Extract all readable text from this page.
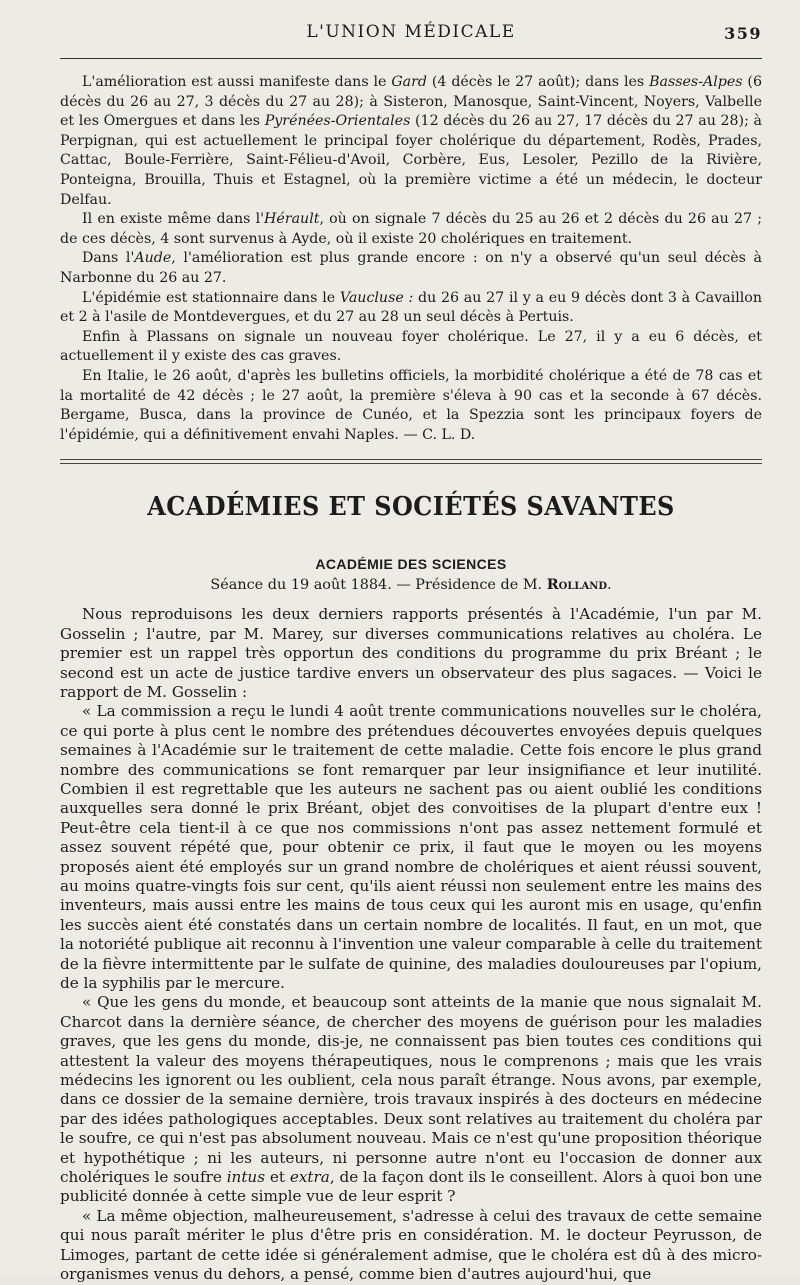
L'UNION MÉDICALE	359

L'amélioration est aussi manifeste dans le Gard (4 décès le 27 août); dans les Basses-Alpes (6 décès du 26 au 27, 3 décès du 27 au 28); à Sisteron, Manosque, Saint-Vincent, Noyers, Valbelle et les Omergues et dans les Pyrénées-Orientales (12 décès du 26 au 27, 17 décès du 27 au 28); à Perpignan, qui est actuellement le principal foyer cholérique du département, Rodès, Prades, Cattac, Boule-Ferrière, Saint-Félieu-d'Avoil, Corbère, Eus, Lesoler, Pezillo de la Rivière, Ponteigna, Brouilla, Thuis et Estagnel, où la première victime a été un médecin, le docteur Delfau.

Il en existe même dans l'Hérault, où on signale 7 décès du 25 au 26 et 2 décès du 26 au 27 ; de ces décès, 4 sont survenus à Ayde, où il existe 20 cholériques en traitement.

Dans l'Aude, l'amélioration est plus grande encore : on n'y a observé qu'un seul décès à Narbonne du 26 au 27.

L'épidémie est stationnaire dans le Vaucluse : du 26 au 27 il y a eu 9 décès dont 3 à Cavaillon et 2 à l'asile de Montdevergues, et du 27 au 28 un seul décès à Pertuis.

Enfin à Plassans on signale un nouveau foyer cholérique. Le 27, il y a eu 6 décès, et actuellement il y existe des cas graves.

En Italie, le 26 août, d'après les bulletins officiels, la morbidité cholérique a été de 78 cas et la mortalité de 42 décès ; le 27 août, la première s'éleva à 90 cas et la seconde à 67 décès. Bergame, Busca, dans la province de Cunéo, et la Spezzia sont les principaux foyers de l'épidémie, qui a définitivement envahi Naples. — C. L. D.

ACADÉMIES ET SOCIÉTÉS SAVANTES
ACADÉMIE DES SCIENCES
Séance du 19 août 1884. — Présidence de M. Rolland.

Nous reproduisons les deux derniers rapports présentés à l'Académie, l'un par M. Gosselin ; l'autre, par M. Marey, sur diverses communications relatives au choléra. Le premier est un rappel très opportun des conditions du programme du prix Bréant ; le second est un acte de justice tardive envers un observateur des plus sagaces. — Voici le rapport de M. Gosselin :

« La commission a reçu le lundi 4 août trente communications nouvelles sur le choléra, ce qui porte à plus cent le nombre des prétendues découvertes envoyées depuis quelques semaines à l'Académie sur le traitement de cette maladie. Cette fois encore le plus grand nombre des communications se font remarquer par leur insignifiance et leur inutilité. Combien il est regrettable que les auteurs ne sachent pas ou aient oublié les conditions auxquelles sera donné le prix Bréant, objet des convoitises de la plupart d'entre eux ! Peut-être cela tient-il à ce que nos commissions n'ont pas assez nettement formulé et assez souvent répété que, pour obtenir ce prix, il faut que le moyen ou les moyens proposés aient été employés sur un grand nombre de cholériques et aient réussi souvent, au moins quatre-vingts fois sur cent, qu'ils aient réussi non seulement entre les mains des inventeurs, mais aussi entre les mains de tous ceux qui les auront mis en usage, qu'enfin les succès aient été constatés dans un certain nombre de localités. Il faut, en un mot, que la notoriété publique ait reconnu à l'invention une valeur comparable à celle du traitement de la fièvre intermittente par le sulfate de quinine, des maladies douloureuses par l'opium, de la syphilis par le mercure.

« Que les gens du monde, et beaucoup sont atteints de la manie que nous signalait M. Charcot dans la dernière séance, de chercher des moyens de guérison pour les maladies graves, que les gens du monde, dis-je, ne connaissent pas bien toutes ces conditions qui attestent la valeur des moyens thérapeutiques, nous le comprenons ; mais que les vrais médecins les ignorent ou les oublient, cela nous paraît étrange. Nous avons, par exemple, dans ce dossier de la semaine dernière, trois travaux inspirés à des docteurs en médecine par des idées pathologiques acceptables. Deux sont relatives au traitement du choléra par le soufre, ce qui n'est pas absolument nouveau. Mais ce n'est qu'une proposition théorique et hypothétique ; ni les auteurs, ni personne autre n'ont eu l'occasion de donner aux cholériques le soufre intus et extra, de la façon dont ils le conseillent. Alors à quoi bon une publicité donnée à cette simple vue de leur esprit ?

« La même objection, malheureusement, s'adresse à celui des travaux de cette semaine qui nous paraît mériter le plus d'être pris en considération. M. le docteur Peyrusson, de Limoges, partant de cette idée si généralement admise, que le choléra est dû à des micro-organismes venus du dehors, a pensé, comme bien d'autres aujourd'hui, que
